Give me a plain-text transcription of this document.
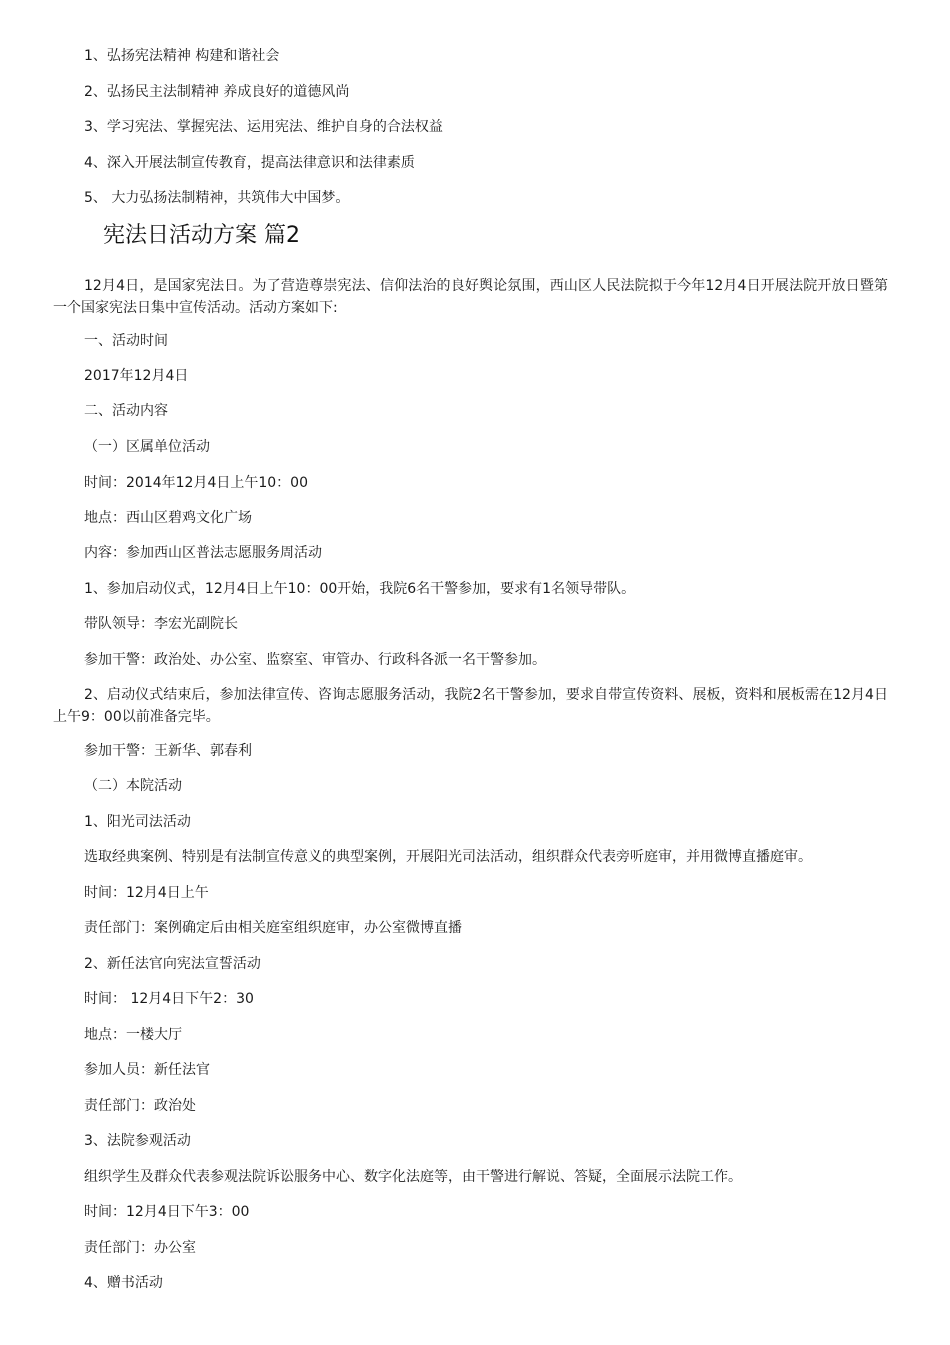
1、弘扬宪法精神 构建和谐社会
2、弘扬民主法制精神 养成良好的道德风尚
3、学习宪法、掌握宪法、运用宪法、维护自身的合法权益
4、深入开展法制宣传教育，提高法律意识和法律素质
5、 大力弘扬法制精神，共筑伟大中国梦。
宪法日活动方案 篇2
12月4日，是国家宪法日。为了营造尊崇宪法、信仰法治的良好舆论氛围，西山区人民法院拟于今年12月4日开展法院开放日暨第一个国家宪法日集中宣传活动。活动方案如下:
一、活动时间
2017年12月4日
二、活动内容
（一）区属单位活动
时间：2014年12月4日上午10：00
地点：西山区碧鸡文化广场
内容：参加西山区普法志愿服务周活动
1、参加启动仪式，12月4日上午10：00开始，我院6名干警参加，要求有1名领导带队。
带队领导：李宏光副院长
参加干警：政治处、办公室、监察室、审管办、行政科各派一名干警参加。
2、启动仪式结束后，参加法律宣传、咨询志愿服务活动，我院2名干警参加，要求自带宣传资料、展板，资料和展板需在12月4日上午9：00以前准备完毕。
参加干警：王新华、郭春利
（二）本院活动
1、阳光司法活动
选取经典案例、特别是有法制宣传意义的典型案例，开展阳光司法活动，组织群众代表旁听庭审，并用微博直播庭审。
时间：12月4日上午
责任部门：案例确定后由相关庭室组织庭审，办公室微博直播
2、新任法官向宪法宣誓活动
时间： 12月4日下午2：30
地点：一楼大厅
参加人员：新任法官
责任部门：政治处
3、法院参观活动
组织学生及群众代表参观法院诉讼服务中心、数字化法庭等，由干警进行解说、答疑，全面展示法院工作。
时间：12月4日下午3：00
责任部门：办公室
4、赠书活动
